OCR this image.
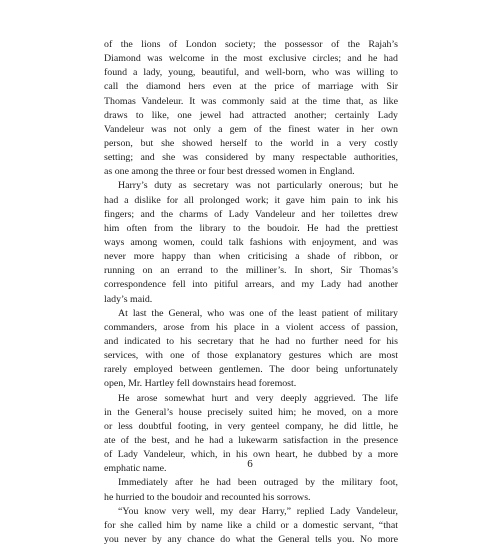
of the lions of London society; the possessor of the Rajah’s
Diamond was welcome in the most exclusive circles; and he had
found a lady, young, beautiful, and well-born, who was willing to
call the diamond hers even at the price of marriage with Sir
Thomas Vandeleur. It was commonly said at the time that, as like
draws to like, one jewel had attracted another; certainly Lady
Vandeleur was not only a gem of the finest water in her own
person, but she showed herself to the world in a very costly
setting; and she was considered by many respectable authorities,
as one among the three or four best dressed women in England.
Harry’s duty as secretary was not particularly onerous; but he
had a dislike for all prolonged work; it gave him pain to ink his
fingers; and the charms of Lady Vandeleur and her toilettes drew
him often from the library to the boudoir. He had the prettiest
ways among women, could talk fashions with enjoyment, and was
never more happy than when criticising a shade of ribbon, or
running on an errand to the milliner’s. In short, Sir Thomas’s
correspondence fell into pitiful arrears, and my Lady had another
lady’s maid.
At last the General, who was one of the least patient of military
commanders, arose from his place in a violent access of passion,
and indicated to his secretary that he had no further need for his
services, with one of those explanatory gestures which are most
rarely employed between gentlemen. The door being unfortunately
open, Mr. Hartley fell downstairs head foremost.
He arose somewhat hurt and very deeply aggrieved. The life
in the General’s house precisely suited him; he moved, on a more
or less doubtful footing, in very genteel company, he did little, he
ate of the best, and he had a lukewarm satisfaction in the presence
of Lady Vandeleur, which, in his own heart, he dubbed by a more
emphatic name.
Immediately after he had been outraged by the military foot,
he hurried to the boudoir and recounted his sorrows.
“You know very well, my dear Harry,” replied Lady Vandeleur,
for she called him by name like a child or a domestic servant, “that
you never by any chance do what the General tells you. No more
6
